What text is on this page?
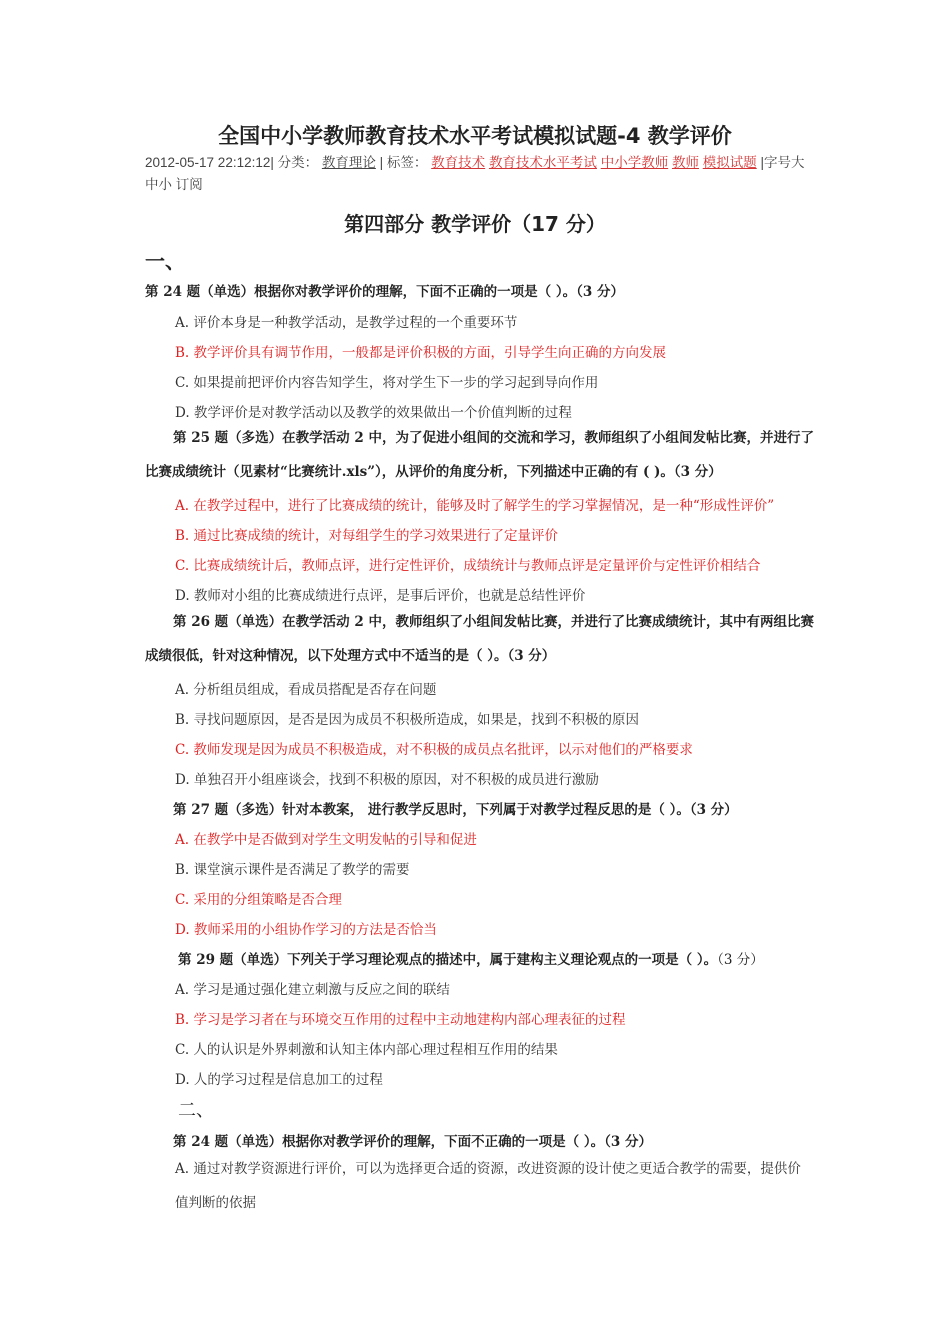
全国中小学教师教育技术水平考试模拟试题-4 教学评价
2012-05-17 22:12:12| 分类： 教育理论 | 标签： 教育技术 教育技术水平考试 中小学教师 教师 模拟试题 |字号大中小 订阅
第四部分 教学评价（17 分）
一、
第 24 题（单选）根据你对教学评价的理解，下面不正确的一项是（ ）。（3 分）
A. 评价本身是一种教学活动，是教学过程的一个重要环节
B. 教学评价具有调节作用，一般都是评价积极的方面，引导学生向正确的方向发展
C. 如果提前把评价内容告知学生，将对学生下一步的学习起到导向作用
D. 教学评价是对教学活动以及教学的效果做出一个价值判断的过程
第 25 题（多选）在教学活动 2 中，为了促进小组间的交流和学习，教师组织了小组间发帖比赛，并进行了比赛成绩统计（见素材“比赛统计.xls”），从评价的角度分析，下列描述中正确的有 ( )。（3 分）
A. 在教学过程中，进行了比赛成绩的统计，能够及时了解学生的学习掌握情况，是一种“形成性评价”
B. 通过比赛成绩的统计，对每组学生的学习效果进行了定量评价
C. 比赛成绩统计后，教师点评，进行定性评价，成绩统计与教师点评是定量评价与定性评价相结合
D. 教师对小组的比赛成绩进行点评，是事后评价，也就是总结性评价
第 26 题（单选）在教学活动 2 中，教师组织了小组间发帖比赛，并进行了比赛成绩统计，其中有两组比赛成绩很低，针对这种情况，以下处理方式中不适当的是（ ）。（3 分）
A. 分析组员组成，看成员搭配是否存在问题
B. 寻找问题原因，是否是因为成员不积极所造成，如果是，找到不积极的原因
C. 教师发现是因为成员不积极造成，对不积极的成员点名批评，以示对他们的严格要求
D. 单独召开小组座谈会，找到不积极的原因，对不积极的成员进行激励
第 27 题（多选）针对本教案， 进行教学反思时，下列属于对教学过程反思的是（ ）。（3 分）
A. 在教学中是否做到对学生文明发帖的引导和促进
B. 课堂演示课件是否满足了教学的需要
C. 采用的分组策略是否合理
D. 教师采用的小组协作学习的方法是否恰当
第 29 题（单选）下列关于学习理论观点的描述中，属于建构主义理论观点的一项是（ ）。（3 分）
A. 学习是通过强化建立刺激与反应之间的联结
B. 学习是学习者在与环境交互作用的过程中主动地建构内部心理表征的过程
C. 人的认识是外界刺激和认知主体内部心理过程相互作用的结果
D. 人的学习过程是信息加工的过程
二、
第 24 题（单选）根据你对教学评价的理解，下面不正确的一项是（ ）。（3 分）
A. 通过对教学资源进行评价，可以为选择更合适的资源，改进资源的设计使之更适合教学的需要，提供价值判断的依据
